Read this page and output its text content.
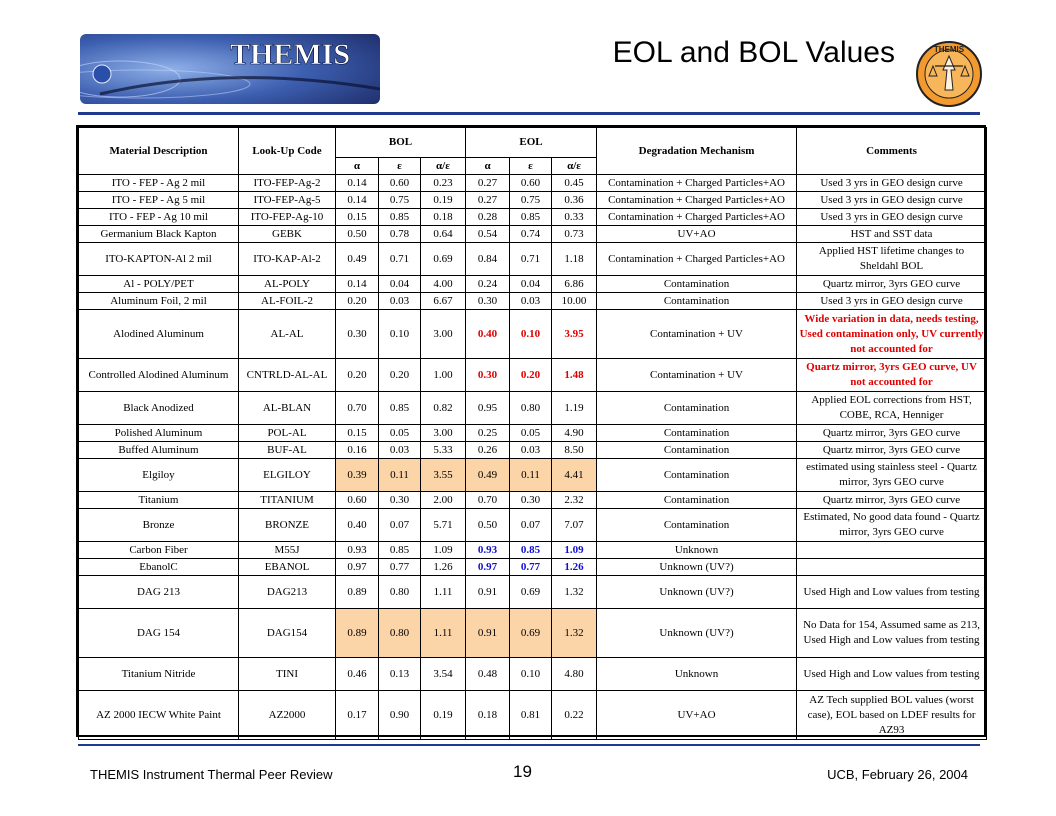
THEMIS	EOL and BOL Values	THEMIS
Material Description	Look-Up Code	BOL			EOL			Degradation Mechanism	Comments
		α	ε	α/ε	α	ε	α/ε		
ITO - FEP - Ag 2 mil	ITO-FEP-Ag-2	0.14	0.60	0.23	0.27	0.60	0.45	Contamination + Charged Particles+AO	Used 3 yrs in GEO design curve
ITO - FEP - Ag 5 mil	ITO-FEP-Ag-5	0.14	0.75	0.19	0.27	0.75	0.36	Contamination + Charged Particles+AO	Used 3 yrs in GEO design curve
ITO - FEP - Ag 10 mil	ITO-FEP-Ag-10	0.15	0.85	0.18	0.28	0.85	0.33	Contamination + Charged Particles+AO	Used 3 yrs in GEO design curve
Germanium Black Kapton	GEBK	0.50	0.78	0.64	0.54	0.74	0.73	UV+AO	HST and SST data
ITO-KAPTON-Al 2 mil	ITO-KAP-Al-2	0.49	0.71	0.69	0.84	0.71	1.18	Contamination + Charged Particles+AO	Applied HST lifetime changes to Sheldahl BOL
Al - POLY/PET	AL-POLY	0.14	0.04	4.00	0.24	0.04	6.86	Contamination	Quartz mirror, 3yrs GEO curve
Aluminum Foil, 2 mil	AL-FOIL-2	0.20	0.03	6.67	0.30	0.03	10.00	Contamination	Used 3 yrs in GEO design curve
Alodined Aluminum	AL-AL	0.30	0.10	3.00	0.40	0.10	3.95	Contamination + UV	Wide variation in data, needs testing, Used contamination only, UV currently not accounted for
Controlled Alodined Aluminum	CNTRLD-AL-AL	0.20	0.20	1.00	0.30	0.20	1.48	Contamination + UV	Quartz mirror, 3yrs GEO curve, UV not accounted for
Black Anodized	AL-BLAN	0.70	0.85	0.82	0.95	0.80	1.19	Contamination	Applied EOL corrections from HST, COBE, RCA, Henniger
Polished Aluminum	POL-AL	0.15	0.05	3.00	0.25	0.05	4.90	Contamination	Quartz mirror, 3yrs GEO curve
Buffed Aluminum	BUF-AL	0.16	0.03	5.33	0.26	0.03	8.50	Contamination	Quartz mirror, 3yrs GEO curve
Elgiloy	ELGILOY	0.39	0.11	3.55	0.49	0.11	4.41	Contamination	estimated using stainless steel - Quartz mirror, 3yrs GEO curve
Titanium	TITANIUM	0.60	0.30	2.00	0.70	0.30	2.32	Contamination	Quartz mirror, 3yrs GEO curve
Bronze	BRONZE	0.40	0.07	5.71	0.50	0.07	7.07	Contamination	Estimated, No good data found - Quartz mirror, 3yrs GEO curve
Carbon Fiber	M55J	0.93	0.85	1.09	0.93	0.85	1.09	Unknown	
EbanolC	EBANOL	0.97	0.77	1.26	0.97	0.77	1.26	Unknown (UV?)	
DAG 213	DAG213	0.89	0.80	1.11	0.91	0.69	1.32	Unknown (UV?)	Used High and Low values from testing
DAG 154	DAG154	0.89	0.80	1.11	0.91	0.69	1.32	Unknown (UV?)	No Data for 154, Assumed same as 213, Used High and Low values from testing
Titanium Nitride	TINI	0.46	0.13	3.54	0.48	0.10	4.80	Unknown	Used High and Low values from testing
AZ 2000 IECW White Paint	AZ2000	0.17	0.90	0.19	0.18	0.81	0.22	UV+AO	AZ Tech supplied BOL values (worst case), EOL based on LDEF results for AZ93
THEMIS Instrument Thermal Peer Review	19	UCB, February 26, 2004
